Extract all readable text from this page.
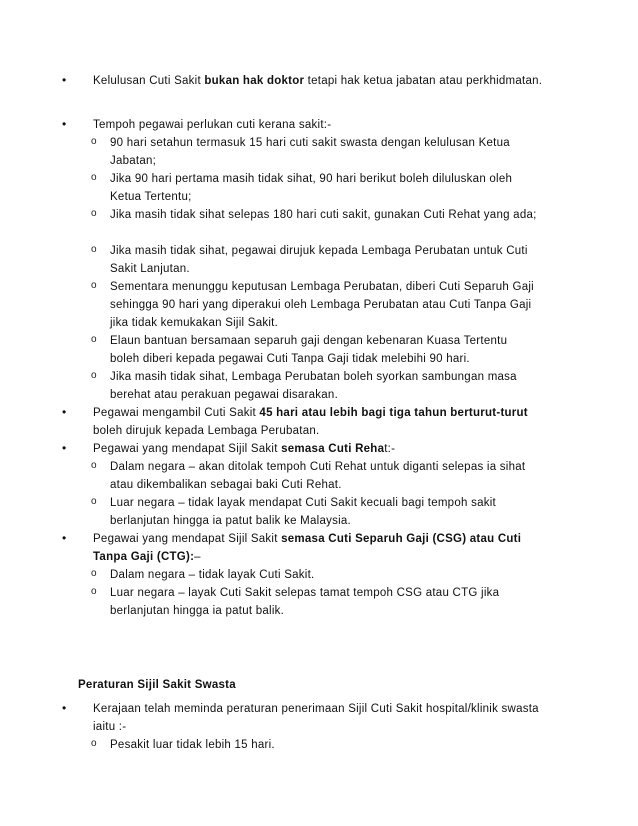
•	Kelulusan Cuti Sakit bukan hak doktor tetapi hak ketua jabatan atau perkhidmatan.
•	Tempoh pegawai perlukan cuti kerana sakit:-
o	90 hari setahun termasuk 15 hari cuti sakit swasta dengan kelulusan Ketua Jabatan;
o	Jika 90 hari pertama masih tidak sihat, 90 hari berikut boleh diluluskan oleh Ketua Tertentu;
o	Jika masih tidak sihat selepas 180 hari cuti sakit, gunakan Cuti Rehat yang ada;
o	Jika masih tidak sihat, pegawai dirujuk kepada Lembaga Perubatan untuk Cuti Sakit Lanjutan.
o	Sementara menunggu keputusan Lembaga Perubatan, diberi Cuti Separuh Gaji sehingga 90 hari yang diperakui oleh Lembaga Perubatan atau Cuti Tanpa Gaji jika tidak kemukakan Sijil Sakit.
o	Elaun bantuan bersamaan separuh gaji dengan kebenaran Kuasa Tertentu boleh diberi kepada pegawai Cuti Tanpa Gaji tidak melebihi 90 hari.
o	Jika masih tidak sihat, Lembaga Perubatan boleh syorkan sambungan masa berehat atau perakuan pegawai disarakan.
•	Pegawai mengambil Cuti Sakit 45 hari atau lebih bagi tiga tahun berturut-turut boleh dirujuk kepada Lembaga Perubatan.
•	Pegawai yang mendapat Sijil Sakit semasa Cuti Rehat:-
o	Dalam negara – akan ditolak tempoh Cuti Rehat untuk diganti selepas ia sihat atau dikembalikan sebagai baki Cuti Rehat.
o	Luar negara – tidak layak mendapat Cuti Sakit kecuali bagi tempoh sakit berlanjutan hingga ia patut balik ke Malaysia.
•	Pegawai yang mendapat Sijil Sakit semasa Cuti Separuh Gaji (CSG) atau Cuti Tanpa Gaji (CTG):–
o	Dalam negara – tidak layak Cuti Sakit.
o	Luar negara – layak Cuti Sakit selepas tamat tempoh CSG atau CTG jika berlanjutan hingga ia patut balik.
Peraturan Sijil Sakit Swasta
•	Kerajaan telah meminda peraturan penerimaan Sijil Cuti Sakit hospital/klinik swasta iaitu :-
o	Pesakit luar tidak lebih 15 hari.
